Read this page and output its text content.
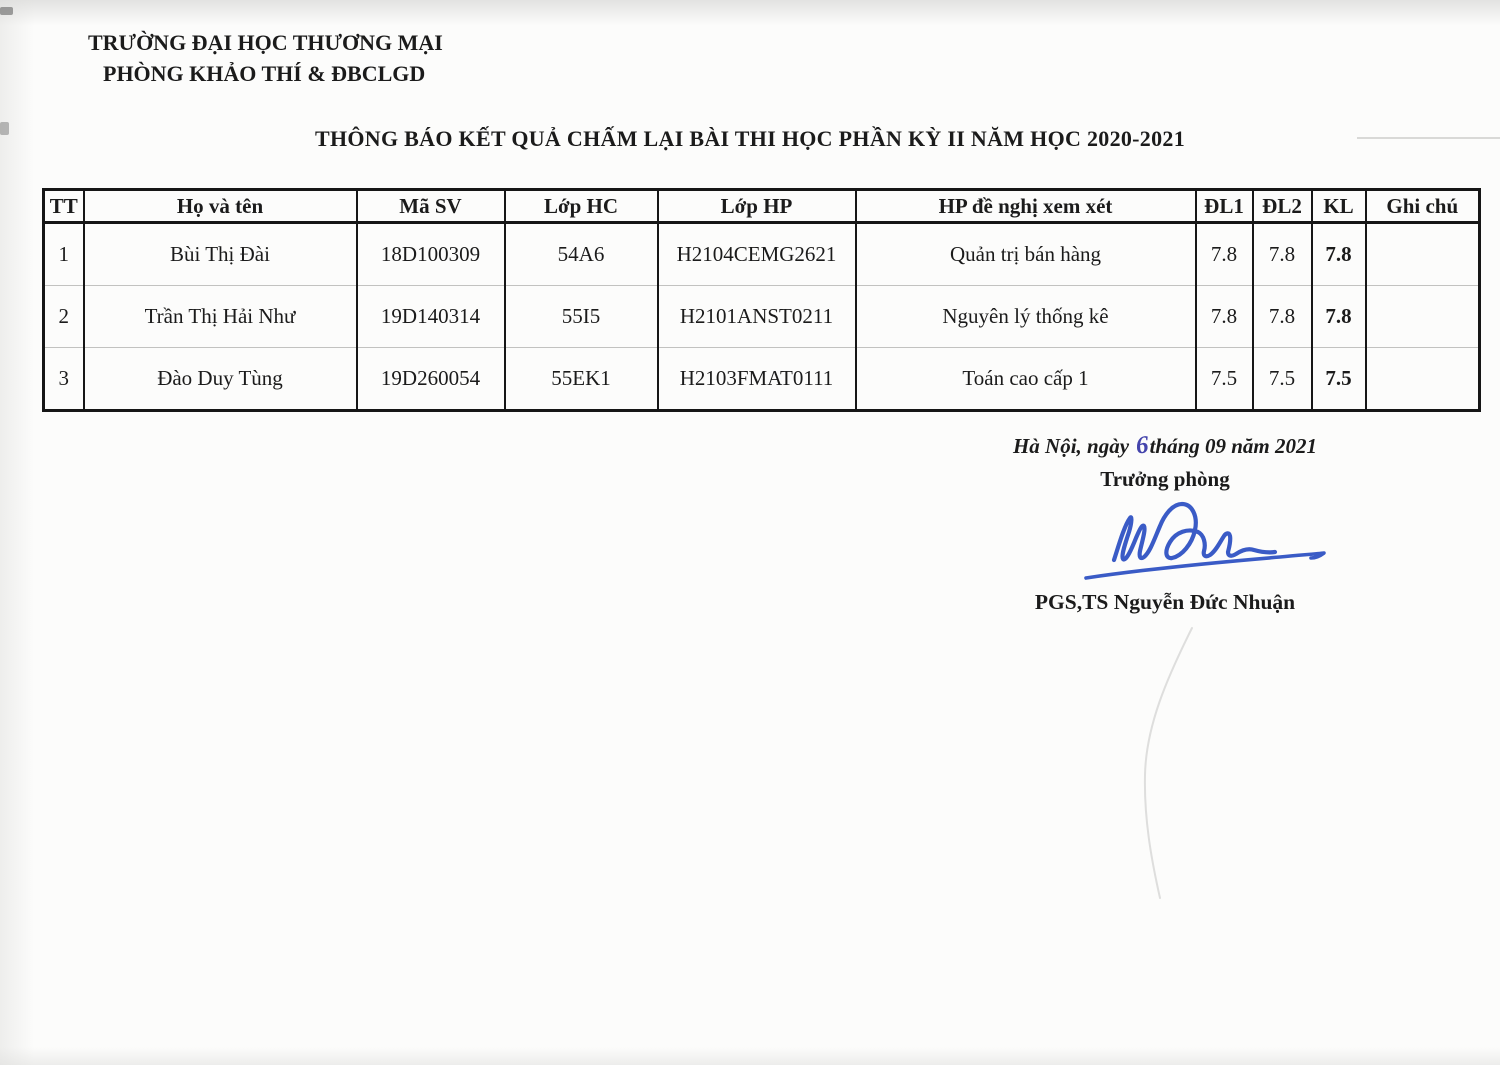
TRƯỜNG ĐẠI HỌC THƯƠNG MẠI
PHÒNG KHẢO THÍ & ĐBCLGD
THÔNG BÁO KẾT QUẢ CHẤM LẠI BÀI THI HỌC PHẦN KỲ II NĂM HỌC 2020-2021
TT	Họ và tên	Mã SV	Lớp HC	Lớp HP	HP đề nghị xem xét	ĐL1	ĐL2	KL	Ghi chú
1	Bùi Thị Đài	18D100309	54A6	H2104CEMG2621	Quản trị bán hàng	7.8	7.8	7.8	
2	Trần Thị Hải Như	19D140314	55I5	H2101ANST0211	Nguyên lý thống kê	7.8	7.8	7.8	
3	Đào Duy Tùng	19D260054	55EK1	H2103FMAT0111	Toán cao cấp 1	7.5	7.5	7.5	
Hà Nội, ngày 6tháng 09 năm 2021
Trưởng phòng
PGS,TS Nguyễn Đức Nhuận
